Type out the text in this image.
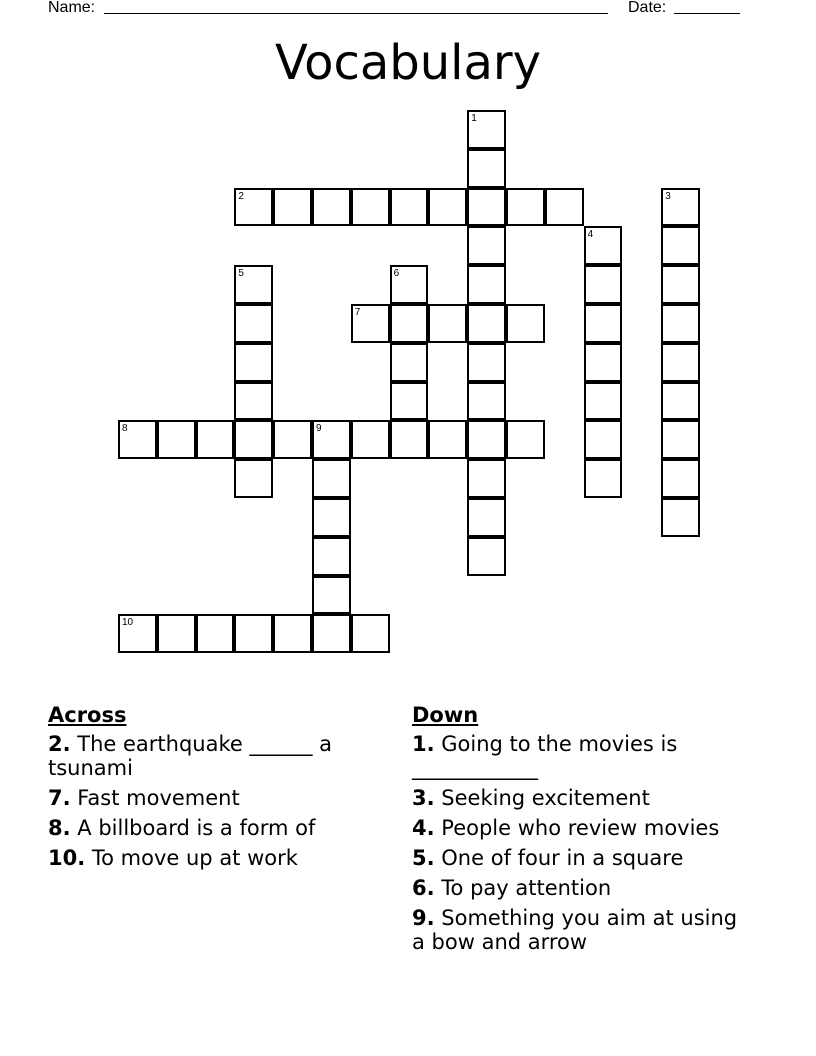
Name:	Date:
Vocabulary
1
2	3
4
5	6
7
8	9
10
Across
2. The earthquake ______ a tsunami
7. Fast movement
8. A billboard is a form of
10. To move up at work
Down
1. Going to the movies is ____________
3. Seeking excitement
4. People who review movies
5. One of four in a square
6. To pay attention
9. Something you aim at using a bow and arrow
